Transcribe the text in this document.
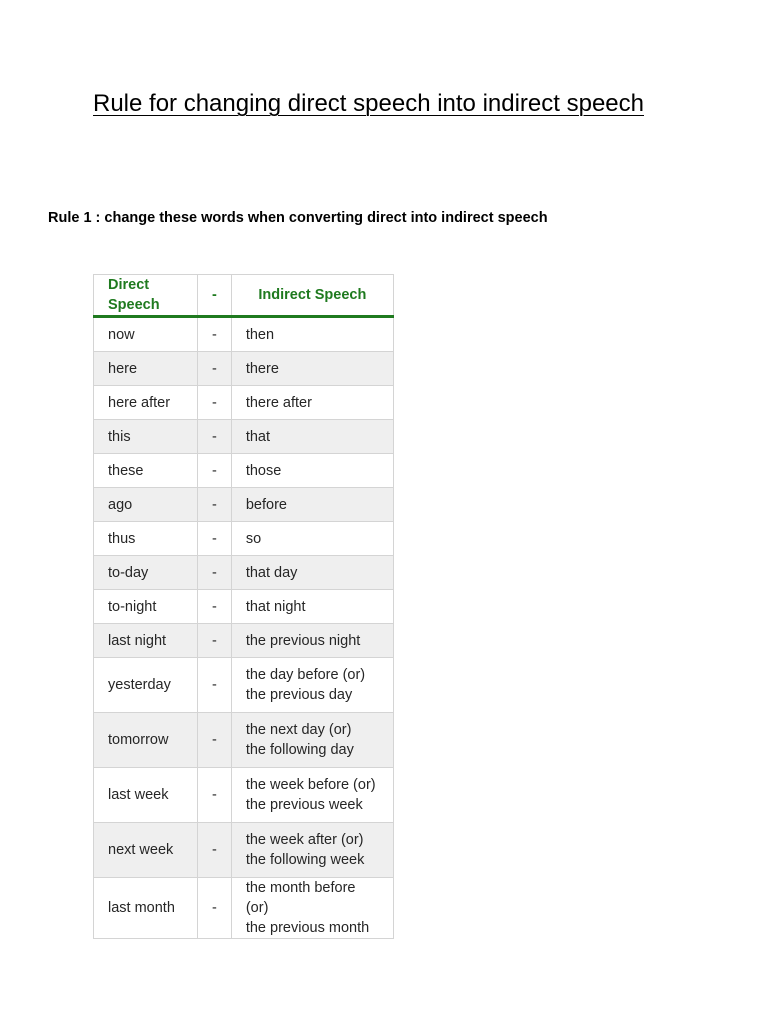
Rule for changing direct speech into indirect speech

Rule 1 : change these words when converting direct into indirect speech

Direct Speech	-	Indirect Speech
now	-	then

here	-	there

here after	-	there after

this	-	that

these	-	those

ago	-	before

thus	-	so

to-day	-	that day

to-night	-	that night

last night	-	the previous night

yesterday	-	the day before (or)
the previous day

tomorrow	-	the next day (or)
the following day

last week	-	the week before (or)
the previous week

next week	-	the week after (or)
the following week

last month	-	the month before (or)
the previous month
